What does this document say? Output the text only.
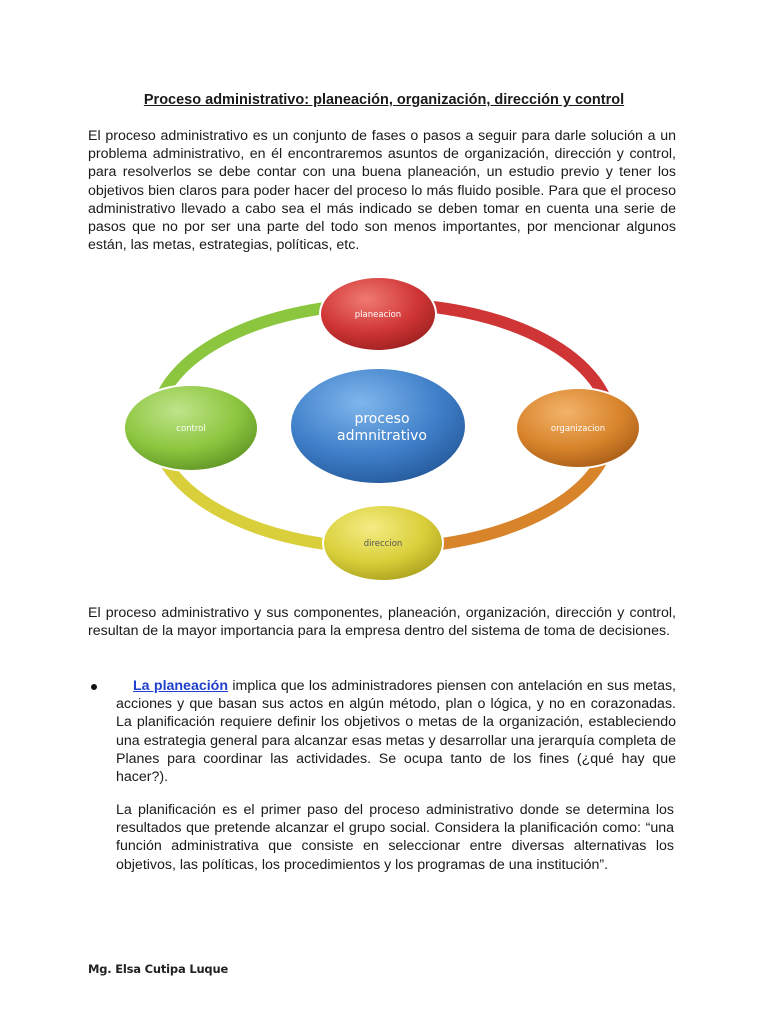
Proceso administrativo: planeación, organización, dirección y control

El proceso administrativo es un conjunto de fases o pasos a seguir para darle solución a un problema administrativo, en él encontraremos asuntos de organización, dirección y control, para resolverlos se debe contar con una buena planeación, un estudio previo y tener los objetivos bien claros para poder hacer del proceso lo más fluido posible. Para que el proceso administrativo llevado a cabo sea el más indicado se deben tomar en cuenta una serie de pasos que no por ser una parte del todo son menos importantes, por mencionar algunos están, las metas, estrategias, políticas, etc.

planeacion
organizacion
direccion
control
proceso
admnitrativo

El proceso administrativo y sus componentes, planeación, organización, dirección y control, resultan de la mayor importancia para la empresa dentro del sistema de toma de decisiones.

La planeación implica que los administradores piensen con antelación en sus metas, acciones y que basan sus actos en algún método, plan o lógica, y no en corazonadas. La planificación requiere definir los objetivos o metas de la organización, estableciendo una estrategia general para alcanzar esas metas y desarrollar una jerarquía completa de Planes para coordinar las actividades. Se ocupa tanto de los fines (¿qué hay que hacer?).

La planificación es el primer paso del proceso administrativo donde se determina los resultados que pretende alcanzar el grupo social. Considera la planificación como: “una función administrativa que consiste en seleccionar entre diversas alternativas los objetivos, las políticas, los procedimientos y los programas de una institución”.

Mg. Elsa Cutipa Luque
